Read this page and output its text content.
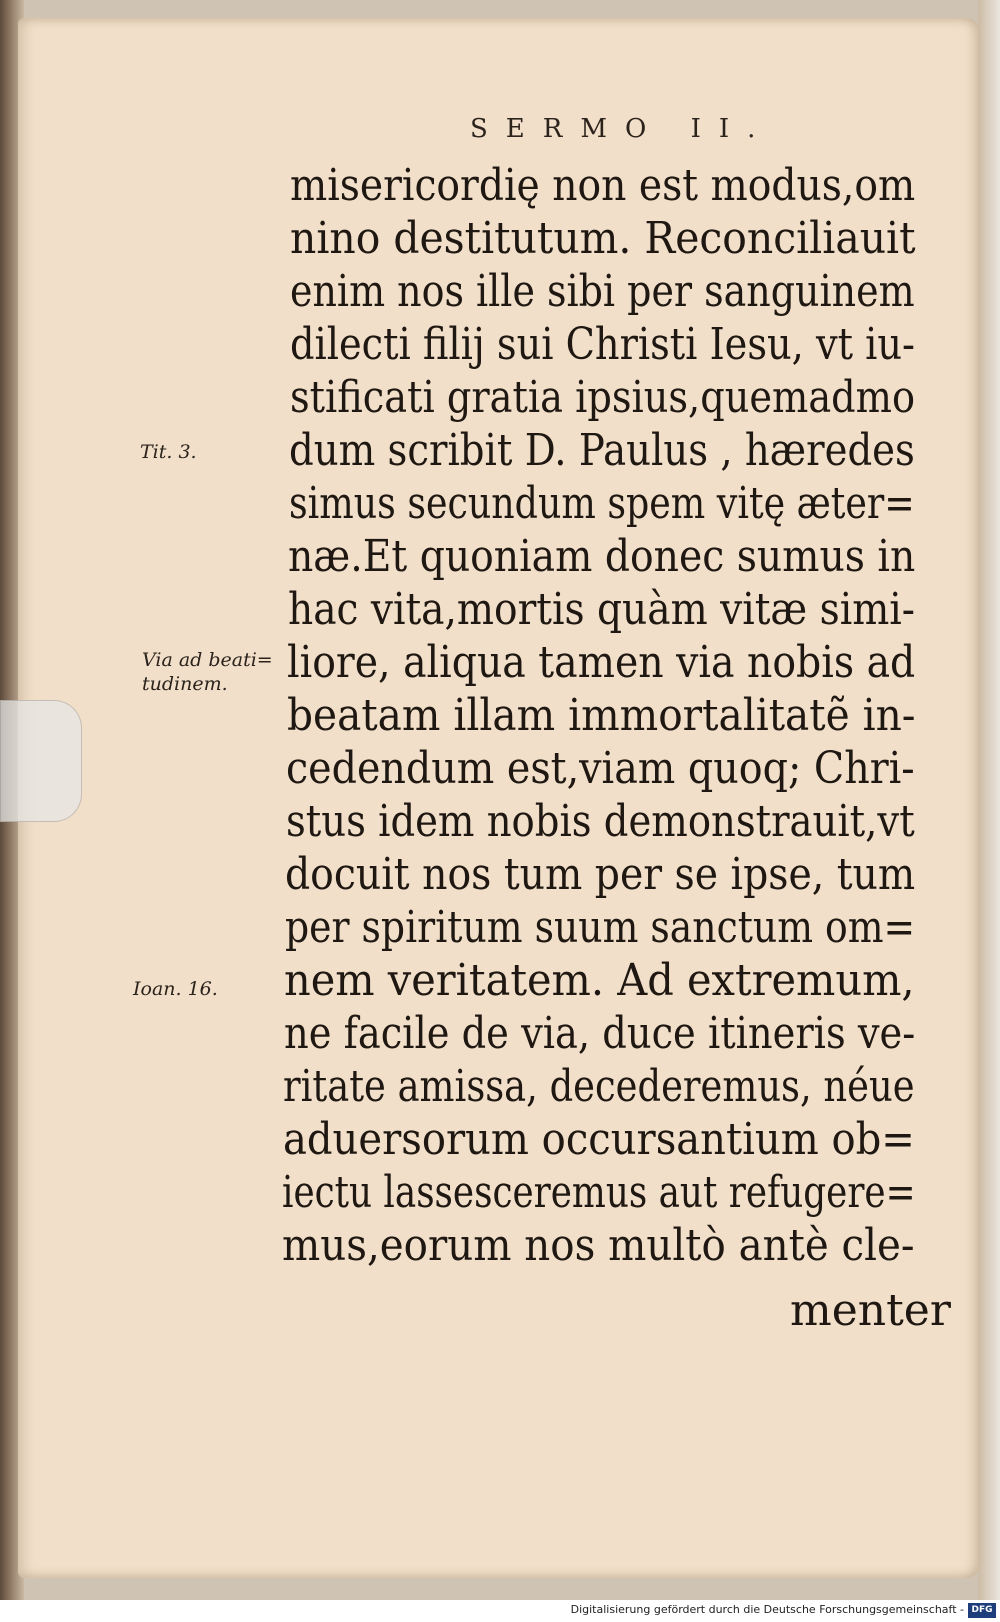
SERMO II.
misericordię non est modus,om
nino destitutum. Reconciliauit
enim nos ille sibi per sanguinem
dilecti filij sui Christi Iesu, vt iu-
stificati gratia ipsius,quemadmo
dum scribit D. Paulus , hæredes
simus secundum spem vitę æter=
næ.Et quoniam donec sumus in
hac vita,mortis quàm vitæ simi-
liore, aliqua tamen via nobis ad
beatam illam immortalitatẽ in-
cedendum est,viam quoq; Chri-
stus idem nobis demonstrauit,vt
docuit nos tum per se ipse, tum
per spiritum suum sanctum om=
nem veritatem. Ad extremum,
ne facile de via, duce itineris ve-
ritate amissa, decederemus, néue
aduersorum occursantium ob=
iectu lassesceremus aut refugere=
mus,eorum nos multò antè cle-
menter
Tit. 3.
Via ad beati=
tudinem.
Ioan. 16.
Digitalisierung gefördert durch die Deutsche Forschungsgemeinschaft - DFG
